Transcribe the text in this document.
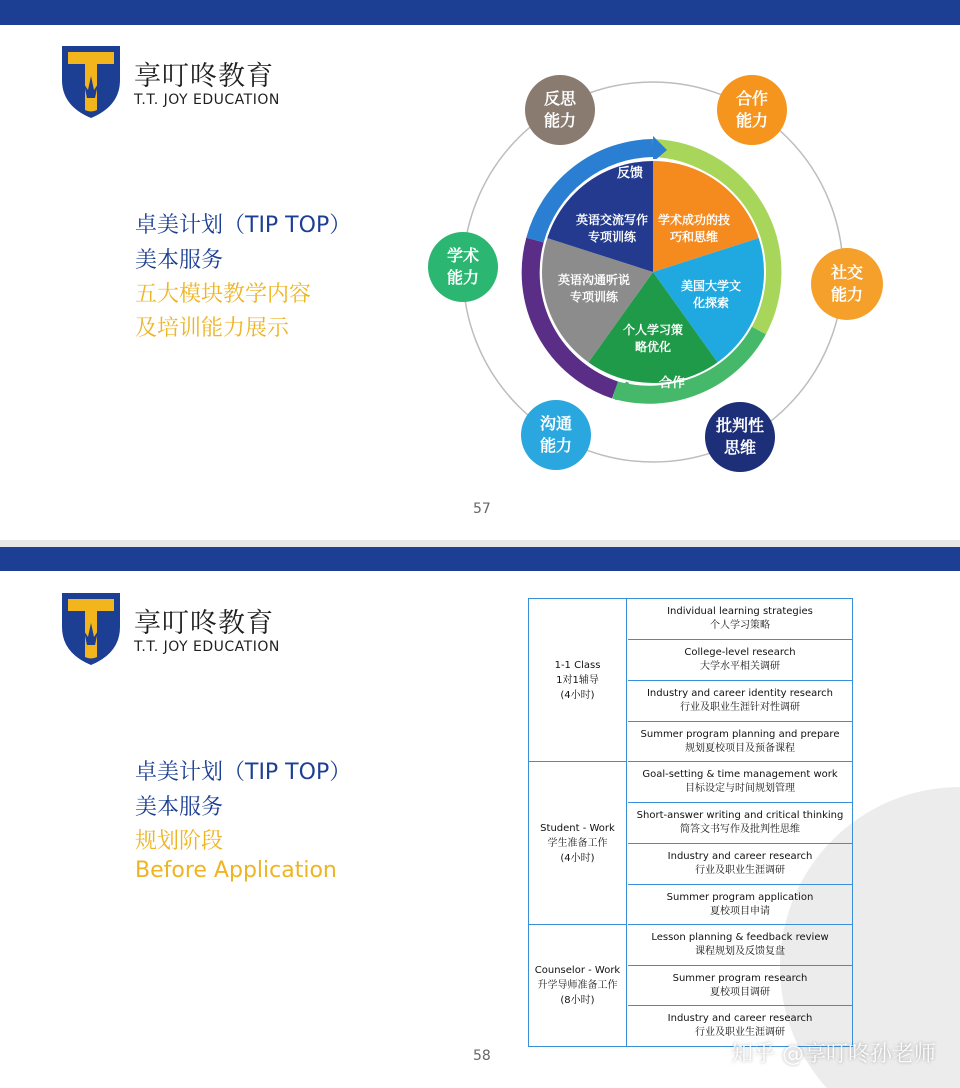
享叮咚教育
T.T. JOY EDUCATION
卓美计划（TIP TOP）
美本服务
五大模块教学内容
及培训能力展示
英语交流写作专项训练
学术成功的技巧和思维
美国大学文化探索
个人学习策略优化
英语沟通听说专项训练
反馈
合作
反思能力
合作能力
社交能力
批判性思维
沟通能力
学术能力
57
享叮咚教育
T.T. JOY EDUCATION
卓美计划（TIP TOP）
美本服务
规划阶段
Before Application
1-1 Class
1对1辅导
(4小时)
Student - Work
学生准备工作
(4小时)
Counselor - Work
升学导师准备工作
(8小时)
Individual learning strategies
个人学习策略
College-level research
大学水平相关调研
Industry and career identity research
行业及职业生涯针对性调研
Summer program planning and prepare
规划夏校项目及预备课程
Goal-setting & time management work
目标设定与时间规划管理
Short-answer writing and critical thinking
简答文书写作及批判性思维
Industry and career research
行业及职业生涯调研
Summer program application
夏校项目申请
Lesson planning & feedback review
课程规划及反馈复盘
Summer program research
夏校项目调研
Industry and career research
行业及职业生涯调研
58	知乎 @享叮咚孙老师
